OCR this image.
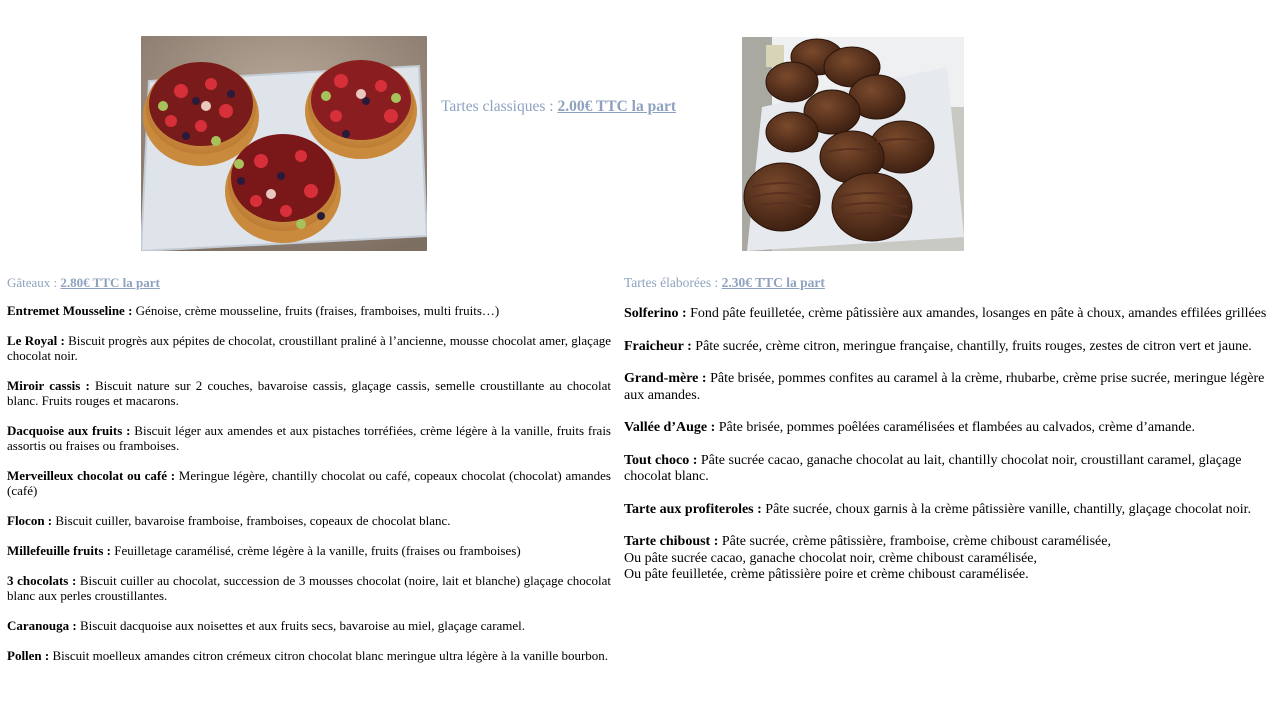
Tartes classiques : 2.00€ TTC la part
Gâteaux : 2.80€ TTC la part

Entremet Mousseline : Génoise, crème mousseline, fruits (fraises, framboises, multi fruits…)

Le Royal : Biscuit progrès aux pépites de chocolat, croustillant praliné à l’ancienne, mousse chocolat amer, glaçage chocolat noir.

Miroir cassis : Biscuit nature sur 2 couches, bavaroise cassis, glaçage cassis, semelle croustillante au chocolat blanc. Fruits rouges et macarons.

Dacquoise aux fruits : Biscuit léger aux amendes et aux pistaches torréfiées, crème légère à la vanille, fruits frais assortis ou fraises ou framboises.

Merveilleux chocolat ou café : Meringue légère, chantilly chocolat ou café, copeaux chocolat (chocolat) amandes (café)

Flocon : Biscuit cuiller, bavaroise framboise, framboises, copeaux de chocolat blanc.

Millefeuille fruits : Feuilletage caramélisé, crème légère à la vanille, fruits (fraises ou framboises)

3 chocolats : Biscuit cuiller au chocolat, succession de 3 mousses chocolat (noire, lait et blanche) glaçage chocolat blanc aux perles croustillantes.

Caranouga : Biscuit dacquoise aux noisettes et aux fruits secs, bavaroise au miel, glaçage caramel.

Pollen : Biscuit moelleux amandes citron crémeux citron chocolat blanc meringue ultra légère à la vanille bourbon.

Tartes élaborées : 2.30€ TTC la part

Solferino : Fond pâte feuilletée, crème pâtissière aux amandes, losanges en pâte à choux, amandes effilées grillées

Fraicheur : Pâte sucrée, crème citron, meringue française, chantilly, fruits rouges, zestes de citron vert et jaune.

Grand-mère : Pâte brisée, pommes confites au caramel à la crème, rhubarbe, crème prise sucrée, meringue légère aux amandes.

Vallée d’Auge : Pâte brisée, pommes poêlées caramélisées et flambées au calvados, crème d’amande.

Tout choco : Pâte sucrée cacao, ganache chocolat au lait, chantilly chocolat noir, croustillant caramel, glaçage chocolat blanc.

Tarte aux profiteroles : Pâte sucrée, choux garnis à la crème pâtissière vanille, chantilly, glaçage chocolat noir.

Tarte chiboust : Pâte sucrée, crème pâtissière, framboise, crème chiboust caramélisée,
Ou pâte sucrée cacao, ganache chocolat noir, crème chiboust caramélisée,
Ou pâte feuilletée, crème pâtissière poire et crème chiboust caramélisée.
